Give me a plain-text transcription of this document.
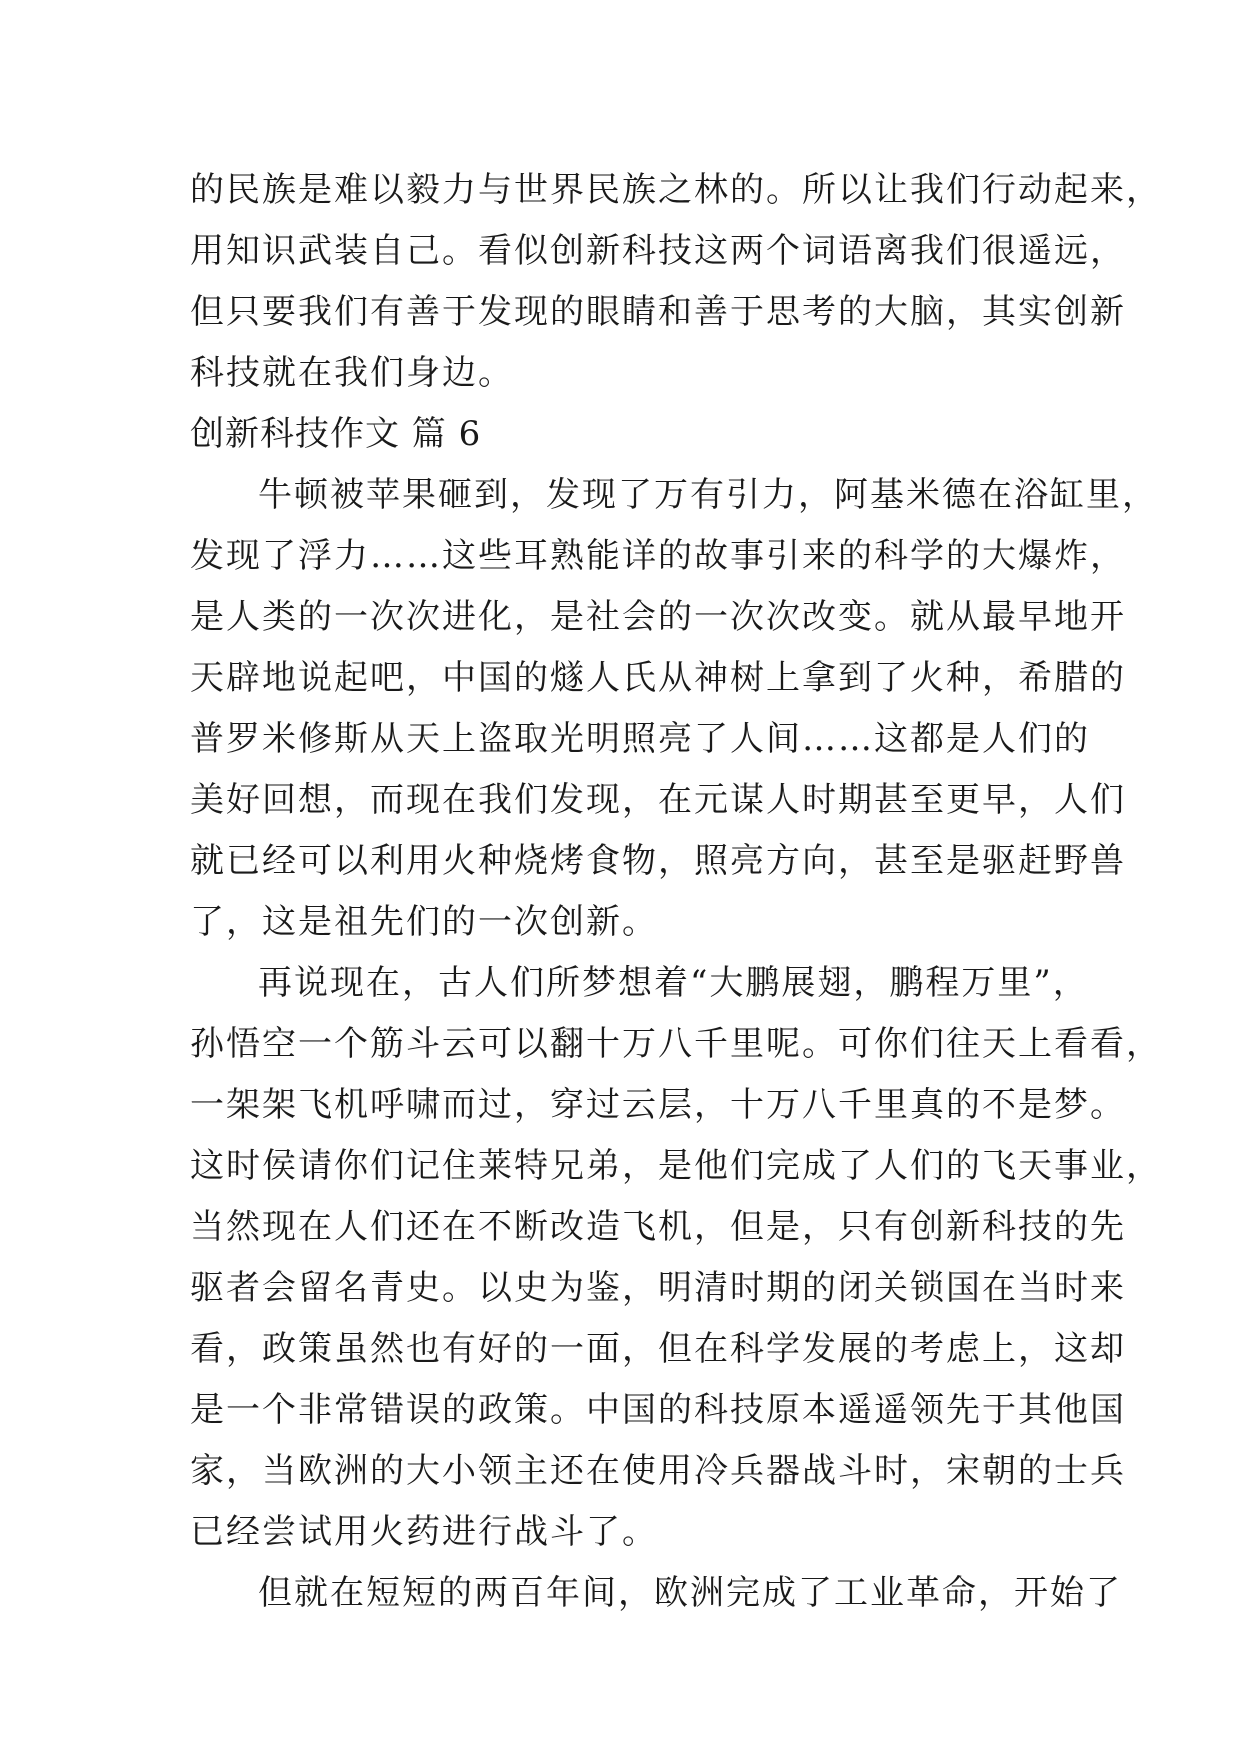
的民族是难以毅力与世界民族之林的。所以让我们行动起来，
用知识武装自己。看似创新科技这两个词语离我们很遥远，
但只要我们有善于发现的眼睛和善于思考的大脑，其实创新
科技就在我们身边。
创新科技作文 篇 6
牛顿被苹果砸到，发现了万有引力，阿基米德在浴缸里，
发现了浮力……这些耳熟能详的故事引来的科学的大爆炸，
是人类的一次次进化，是社会的一次次改变。就从最早地开
天辟地说起吧，中国的燧人氏从神树上拿到了火种，希腊的
普罗米修斯从天上盗取光明照亮了人间……这都是人们的
美好回想，而现在我们发现，在元谋人时期甚至更早，人们
就已经可以利用火种烧烤食物，照亮方向，甚至是驱赶野兽
了，这是祖先们的一次创新。
再说现在，古人们所梦想着“大鹏展翅，鹏程万里”，
孙悟空一个筋斗云可以翻十万八千里呢。可你们往天上看看，
一架架飞机呼啸而过，穿过云层，十万八千里真的不是梦。
这时侯请你们记住莱特兄弟，是他们完成了人们的飞天事业，
当然现在人们还在不断改造飞机，但是，只有创新科技的先
驱者会留名青史。以史为鉴，明清时期的闭关锁国在当时来
看，政策虽然也有好的一面，但在科学发展的考虑上，这却
是一个非常错误的政策。中国的科技原本遥遥领先于其他国
家，当欧洲的大小领主还在使用冷兵器战斗时，宋朝的士兵
已经尝试用火药进行战斗了。
但就在短短的两百年间，欧洲完成了工业革命，开始了
